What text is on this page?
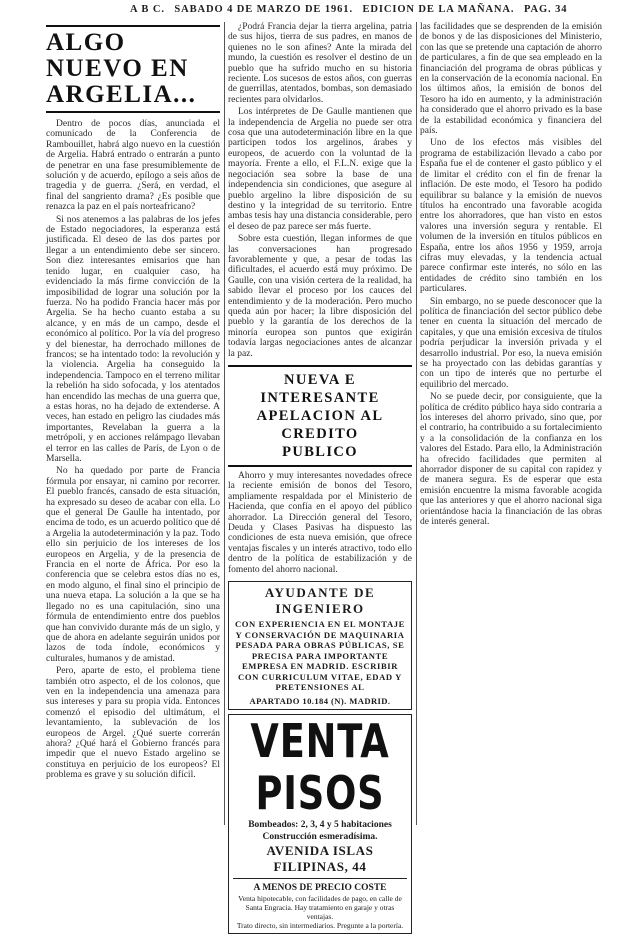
A B C. SABADO 4 DE MARZO DE 1961. EDICION DE LA MAÑANA. PAG. 34
ALGO NUEVO EN
ARGELIA...

Dentro de pocos días, anunciada el comunicado de la Conferencia de Rambouillet, habrá algo nuevo en la cuestión de Argelia. Habrá entrado o entrarán a punto de penetrar en una fase presumiblemente de solución y de acuerdo, epílogo a seis años de tragedia y de guerra. ¿Será, en verdad, el final del sangriento drama? ¿Es posible que renazca la paz en el país norteafricano?

Si nos atenemos a las palabras de los jefes de Estado negociadores, la esperanza está justificada. El deseo de las dos partes por llegar a un entendimiento debe ser sincero. Son diez interesantes emisarios que han tenido lugar, en cualquier caso, ha evidenciado la más firme convicción de la imposibilidad de lograr una solución por la fuerza. No ha podido Francia hacer más por Argelia. Se ha hecho cuanto estaba a su alcance, y en más de un campo, desde el económico al político. Por la vía del progreso y del bienestar, ha derrochado millones de francos; se ha intentado todo: la revolución y la violencia. Argelia ha conseguido la independencia. Tampoco en el terreno militar la rebelión ha sido sofocada, y los atentados han encendido las mechas de una guerra que, a estas horas, no ha dejado de extenderse. A veces, han estado en peligro las ciudades más importantes, Revelaban la guerra a la metrópoli, y en acciones relámpago llevaban el terror en las calles de París, de Lyon o de Marsella.

No ha quedado por parte de Francia fórmula por ensayar, ni camino por recorrer. El pueblo francés, cansado de esta situación, ha expresado su deseo de acabar con ella. Lo que el general De Gaulle ha intentado, por encima de todo, es un acuerdo político que dé a Argelia la autodeterminación y la paz. Todo ello sin perjuicio de los intereses de los europeos en Argelia, y de la presencia de Francia en el norte de África. Por eso la conferencia que se celebra estos días no es, en modo alguno, el final sino el principio de una nueva etapa. La solución a la que se ha llegado no es una capitulación, sino una fórmula de entendimiento entre dos pueblos que han convivido durante más de un siglo, y que de ahora en adelante seguirán unidos por lazos de toda índole, económicos y culturales, humanos y de amistad.

Pero, aparte de esto, el problema tiene también otro aspecto, el de los colonos, que ven en la independencia una amenaza para sus intereses y para su propia vida. Entonces comenzó el episodio del ultimátum, el levantamiento, la sublevación de los europeos de Argel. ¿Qué suerte correrán ahora? ¿Qué hará el Gobierno francés para impedir que el nuevo Estado argelino se constituya en perjuicio de los europeos? El problema es grave y su solución difícil.

¿Podrá Francia dejar la tierra argelina, patria de sus hijos, tierra de sus padres, en manos de quienes no le son afines? Ante la mirada del mundo, la cuestión es resolver el destino de un pueblo que ha sufrido mucho en su historia reciente. Los sucesos de estos años, con guerras de guerrillas, atentados, bombas, son demasiado recientes para olvidarlos.

Los intérpretes de De Gaulle mantienen que la independencia de Argelia no puede ser otra cosa que una autodeterminación libre en la que participen todos los argelinos, árabes y europeos, de acuerdo con la voluntad de la mayoría. Frente a ello, el F.L.N. exige que la negociación sea sobre la base de una independencia sin condiciones, que asegure al pueblo argelino la libre disposición de su destino y la integridad de su territorio. Entre ambas tesis hay una distancia considerable, pero el deseo de paz parece ser más fuerte.

Sobre esta cuestión, llegan informes de que las conversaciones han progresado favorablemente y que, a pesar de todas las dificultades, el acuerdo está muy próximo. De Gaulle, con una visión certera de la realidad, ha sabido llevar el proceso por los cauces del entendimiento y de la moderación. Pero mucho queda aún por hacer; la libre disposición del pueblo y la garantía de los derechos de la minoría europea son puntos que exigirán todavía largas negociaciones antes de alcanzar la paz.

NUEVA E INTERESANTE
APELACION AL CREDITO
PUBLICO

Ahorro y muy interesantes novedades ofrece la reciente emisión de bonos del Tesoro, ampliamente respaldada por el Ministerio de Hacienda, que confía en el apoyo del público ahorrador. La Dirección general del Tesoro, Deuda y Clases Pasivas ha dispuesto las condiciones de esta nueva emisión, que ofrece ventajas fiscales y un interés atractivo, todo ello dentro de la política de estabilización y de fomento del ahorro nacional.

AYUDANTE DE INGENIERO
CON EXPERIENCIA EN EL MONTAJE Y CONSERVACIÓN DE MAQUINARIA PESADA PARA OBRAS PÚBLICAS, SE PRECISA PARA IMPORTANTE EMPRESA EN MADRID. ESCRIBIR CON CURRICULUM VITAE, EDAD Y PRETENSIONES AL
APARTADO 10.184 (N). MADRID.
VENTA PISOS
Bombeados: 2, 3, 4 y 5 habitaciones
Construcción esmeradísima.
AVENIDA ISLAS FILIPINAS, 44
A MENOS DE PRECIO COSTE
Venta hipotecable, con facilidades de pago, en calle de Santa Engracia. Hay tratamiento en garaje y otras ventajas.
Trato directo, sin intermediarios. Pregunte a la portería.

las facilidades que se desprenden de la emisión de bonos y de las disposiciones del Ministerio, con las que se pretende una captación de ahorro de particulares, a fin de que sea empleado en la financiación del programa de obras públicas y en la conservación de la economía nacional. En los últimos años, la emisión de bonos del Tesoro ha ido en aumento, y la administración ha considerado que el ahorro privado es la base de la estabilidad económica y financiera del país.

Uno de los efectos más visibles del programa de estabilización llevado a cabo por España fue el de contener el gasto público y el de limitar el crédito con el fin de frenar la inflación. De este modo, el Tesoro ha podido equilibrar su balance y la emisión de nuevos títulos ha encontrado una favorable acogida entre los ahorradores, que han visto en estos valores una inversión segura y rentable. El volumen de la inversión en títulos públicos en España, entre los años 1956 y 1959, arroja cifras muy elevadas, y la tendencia actual parece confirmar este interés, no sólo en las entidades de crédito sino también en los particulares.

Sin embargo, no se puede desconocer que la política de financiación del sector público debe tener en cuenta la situación del mercado de capitales, y que una emisión excesiva de títulos podría perjudicar la inversión privada y el desarrollo industrial. Por eso, la nueva emisión se ha proyectado con las debidas garantías y con un tipo de interés que no perturbe el equilibrio del mercado.

No se puede decir, por consiguiente, que la política de crédito público haya sido contraria a los intereses del ahorro privado, sino que, por el contrario, ha contribuido a su fortalecimiento y a la consolidación de la confianza en los valores del Estado. Para ello, la Administración ha ofrecido facilidades que permiten al ahorrador disponer de su capital con rapidez y de manera segura. Es de esperar que esta emisión encuentre la misma favorable acogida que las anteriores y que el ahorro nacional siga orientándose hacia la financiación de las obras de interés general.
